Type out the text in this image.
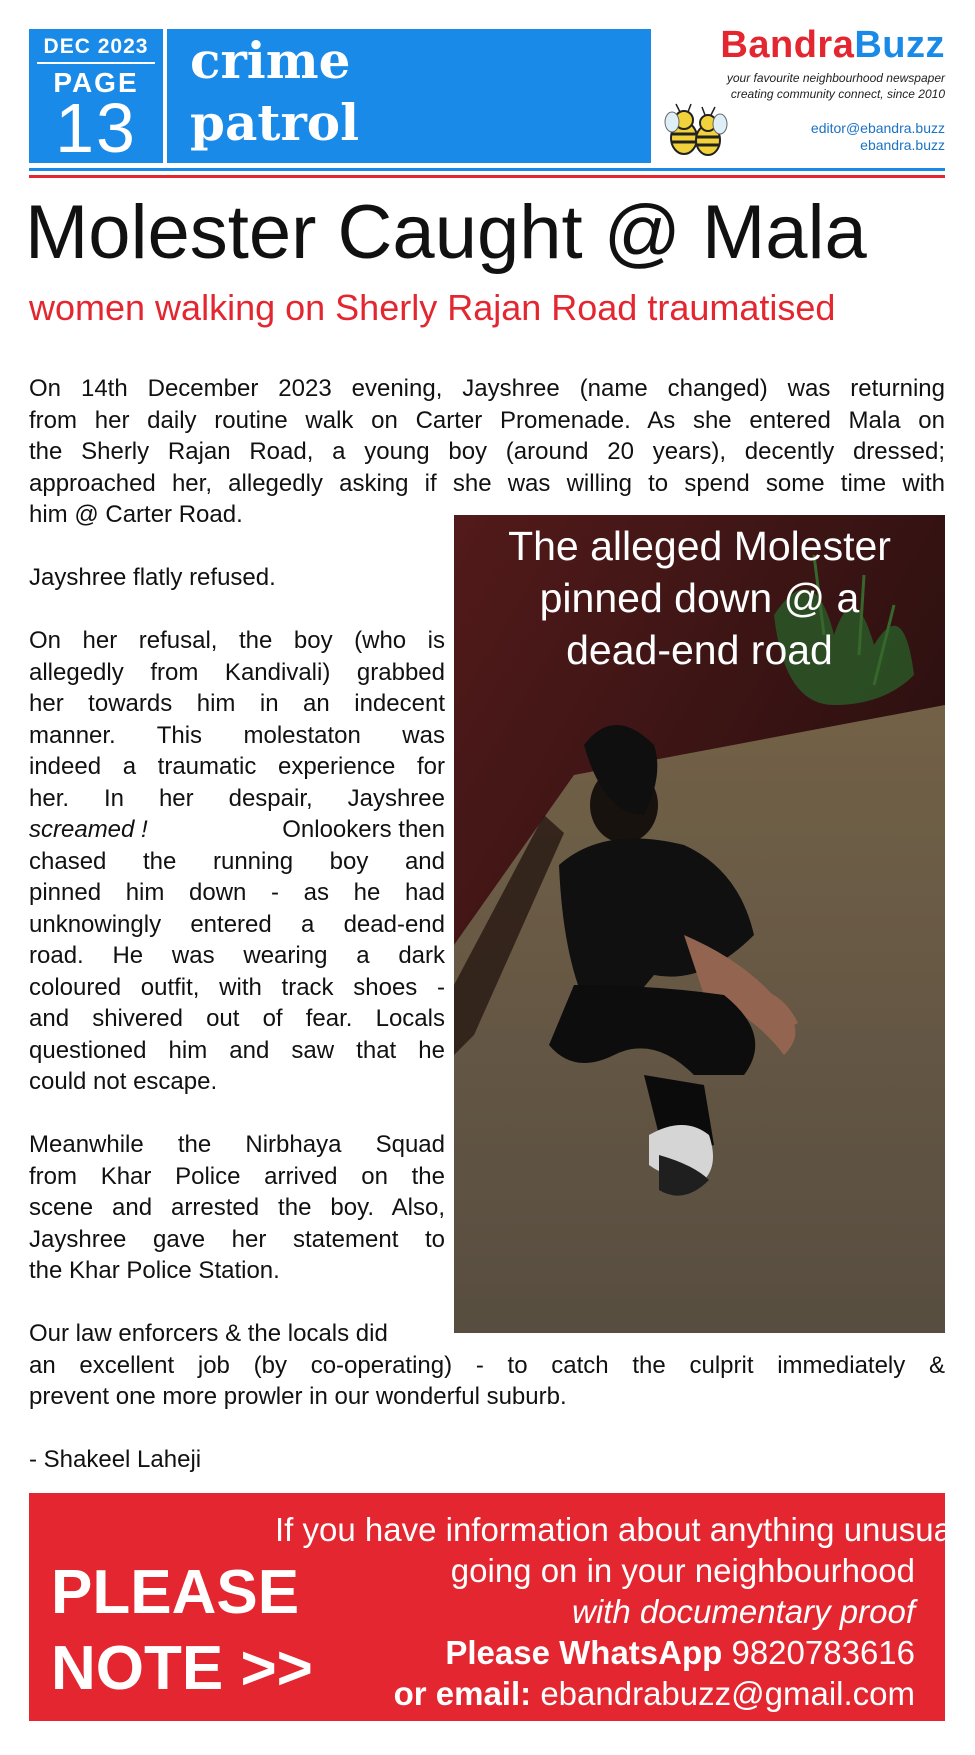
DEC 2023
PAGE
13
crime
patrol
BandraBuzz
your favourite neighbourhood newspaper
creating community connect, since 2010
editor@ebandra.buzz
ebandra.buzz
Molester Caught @ Mala
women walking on Sherly Rajan Road traumatised
On 14th December 2023 evening, Jayshree (name changed) was returning
from her daily routine walk on Carter Promenade. As she entered Mala on
the Sherly Rajan Road, a young boy (around 20 years), decently dressed;
approached her, allegedly asking if she was willing to spend some time with
him @ Carter Road.
Jayshree flatly refused.
On her refusal, the boy (who is
allegedly from Kandivali) grabbed
her towards him in an indecent
manner. This molestaton was
indeed a traumatic experience for
her. In her despair, Jayshree
screamed !	Onlookers then
chased the running boy and
pinned him down - as he had
unknowingly entered a dead-end
road. He was wearing a dark
coloured outfit, with track shoes -
and shivered out of fear. Locals
questioned him and saw that he
could not escape.
Meanwhile the Nirbhaya Squad
from Khar Police arrived on the
scene and arrested the boy. Also,
Jayshree gave her statement to
the Khar Police Station.
Our law enforcers & the locals did
an excellent job (by co-operating) - to catch the culprit immediately &
prevent one more prowler in our wonderful suburb.
- Shakeel Laheji
The alleged Molester
pinned down @ a
dead-end road
PLEASE
NOTE >>
If you have information about anything unusual,
going on in your neighbourhood
with documentary proof
Please WhatsApp 9820783616
or email: ebandrabuzz@gmail.com
